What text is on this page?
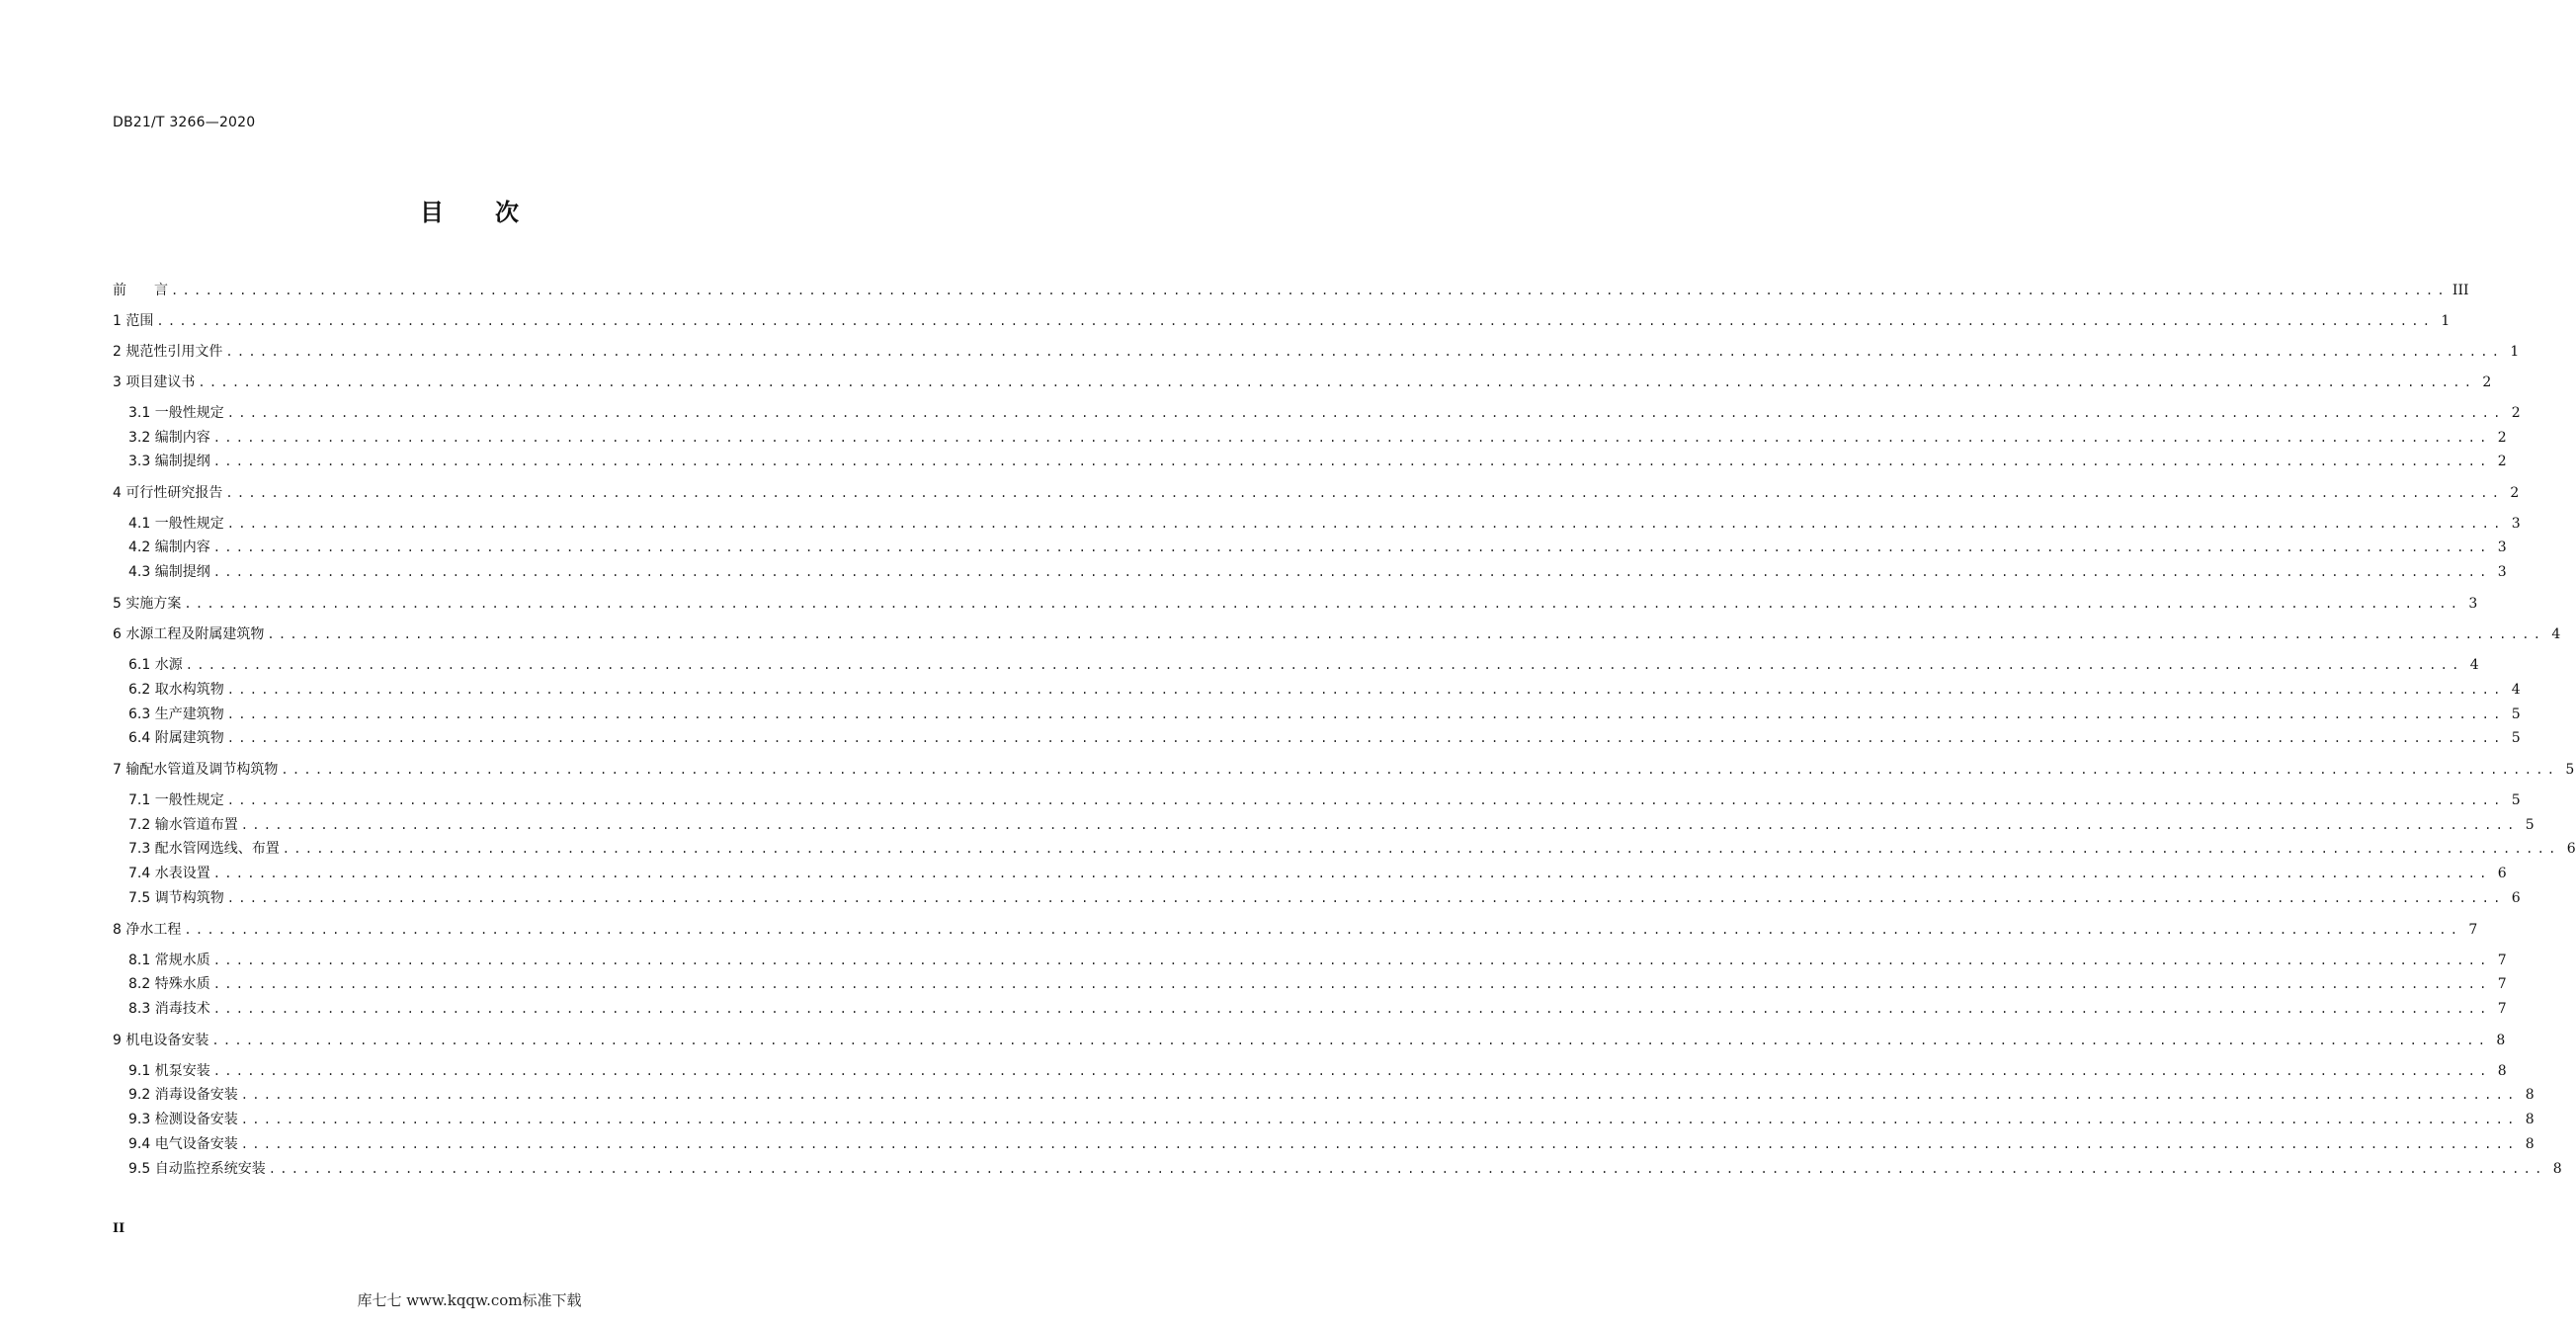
DB21/T 3266—2020
目次
前　　言 ........................................................................................................................................................................................................ III
1 范围 ........................................................................................................................................................................................................ 1
2 规范性引用文件 ........................................................................................................................................................................................................ 1
3 项目建议书 ........................................................................................................................................................................................................ 2
3.1 一般性规定 ........................................................................................................................................................................................................ 2
3.2 编制内容 ........................................................................................................................................................................................................ 2
3.3 编制提纲 ........................................................................................................................................................................................................ 2
4 可行性研究报告 ........................................................................................................................................................................................................ 2
4.1 一般性规定 ........................................................................................................................................................................................................ 3
4.2 编制内容 ........................................................................................................................................................................................................ 3
4.3 编制提纲 ........................................................................................................................................................................................................ 3
5 实施方案 ........................................................................................................................................................................................................ 3
6 水源工程及附属建筑物 ........................................................................................................................................................................................................ 4
6.1 水源 ........................................................................................................................................................................................................ 4
6.2 取水构筑物 ........................................................................................................................................................................................................ 4
6.3 生产建筑物 ........................................................................................................................................................................................................ 5
6.4 附属建筑物 ........................................................................................................................................................................................................ 5
7 输配水管道及调节构筑物 ........................................................................................................................................................................................................ 5
7.1 一般性规定 ........................................................................................................................................................................................................ 5
7.2 输水管道布置 ........................................................................................................................................................................................................ 5
7.3 配水管网选线、布置 ........................................................................................................................................................................................................ 6
7.4 水表设置 ........................................................................................................................................................................................................ 6
7.5 调节构筑物 ........................................................................................................................................................................................................ 6
8 净水工程 ........................................................................................................................................................................................................ 7
8.1 常规水质 ........................................................................................................................................................................................................ 7
8.2 特殊水质 ........................................................................................................................................................................................................ 7
8.3 消毒技术 ........................................................................................................................................................................................................ 7
9 机电设备安装 ........................................................................................................................................................................................................ 8
9.1 机泵安装 ........................................................................................................................................................................................................ 8
9.2 消毒设备安装 ........................................................................................................................................................................................................ 8
9.3 检测设备安装 ........................................................................................................................................................................................................ 8
9.4 电气设备安装 ........................................................................................................................................................................................................ 8
9.5 自动监控系统安装 ........................................................................................................................................................................................................ 8
II
库七七 www.kqqw.com标准下载
